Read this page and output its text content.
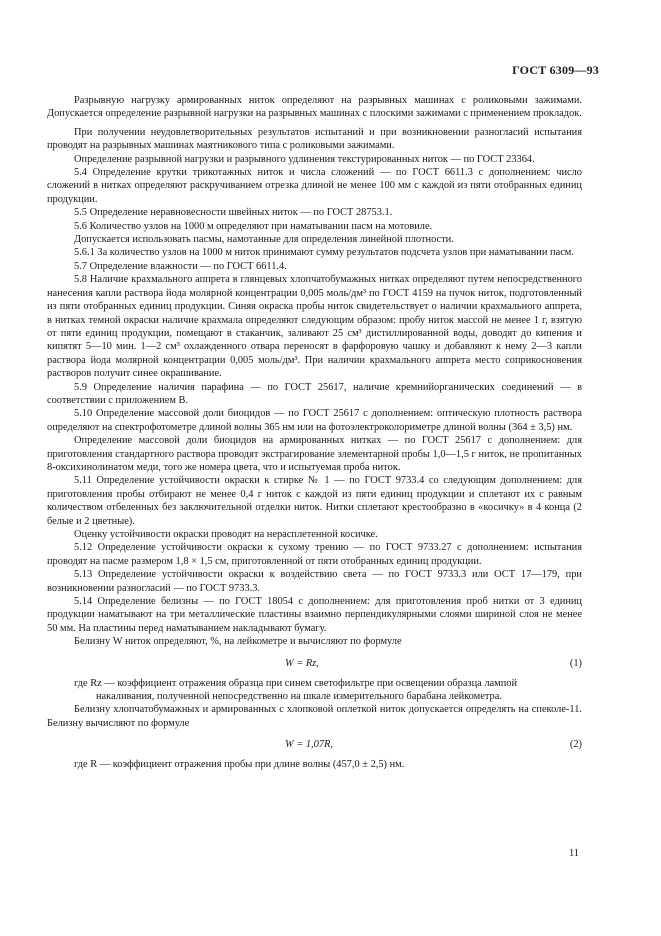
ГОСТ 6309—93

Разрывную нагрузку армированных ниток определяют на разрывных машинах с роликовыми зажимами. Допускается определение разрывной нагрузки на разрывных машинах с плоскими зажимами с применением прокладок.

При получении неудовлетворительных результатов испытаний и при возникновении разногласий испытания проводят на разрывных машинах маятникового типа с роликовыми зажимами.

Определение разрывной нагрузки и разрывного удлинения текстурированных ниток — по ГОСТ 23364.

5.4 Определение крутки трикотажных ниток и числа сложений — по ГОСТ 6611.3 с дополнением: число сложений в нитках определяют раскручиванием отрезка длиной не менее 100 мм с каждой из пяти отобранных единиц продукции.

5.5 Определение неравновесности швейных ниток — по ГОСТ 28753.1.

5.6 Количество узлов на 1000 м определяют при наматывании пасм на мотовиле.

Допускается использовать пасмы, намотанные для определения линейной плотности.

5.6.1 За количество узлов на 1000 м ниток принимают сумму результатов подсчета узлов при наматывании пасм.

5.7 Определение влажности — по ГОСТ 6611.4.

5.8 Наличие крахмального аппрета в глянцевых хлопчатобумажных нитках определяют путем непосредственного нанесения капли раствора йода молярной концентрации 0,005 моль/дм³ по ГОСТ 4159 на пучок ниток, подготовленный из пяти отобранных единиц продукции. Синяя окраска пробы ниток свидетельствует о наличии крахмального аппрета, в нитках темной окраски наличие крахмала определяют следующим образом: пробу ниток массой не менее 1 г, взятую от пяти единиц продукции, помещают в стаканчик, заливают 25 см³ дистиллированной воды, доводят до кипения и кипятят 5—10 мин. 1—2 см³ охлажденного отвара переносят в фарфоровую чашку и добавляют к нему 2—3 капли раствора йода молярной концентрации 0,005 моль/дм³. При наличии крахмального аппрета место соприкосновения растворов получит синее окрашивание.

5.9 Определение наличия парафина — по ГОСТ 25617, наличие кремнийорганических соединений — в соответствии с приложением В.

5.10 Определение массовой доли биоцидов — по ГОСТ 25617 с дополнением: оптическую плотность раствора определяют на спектрофотометре длиной волны 365 нм или на фотоэлектроколориметре длиной волны (364 ± 3,5) нм.

Определение массовой доли биоцидов на армированных нитках — по ГОСТ 25617 с дополнением: для приготовления стандартного раствора проводят экстрагирование элементарной пробы 1,0—1,5 г ниток, не пропитанных 8-оксихинолинатом меди, того же номера цвета, что и испытуемая проба ниток.

5.11 Определение устойчивости окраски к стирке № 1 — по ГОСТ 9733.4 со следующим дополнением: для приготовления пробы отбирают не менее 0,4 г ниток с каждой из пяти единиц продукции и сплетают их с равным количеством отбеленных без заключительной отделки ниток. Нитки сплетают крестообразно в «косичку» в 4 конца (2 белые и 2 цветные).

Оценку устойчивости окраски проводят на нерасплетенной косичке.

5.12 Определение устойчивости окраски к сухому трению — по ГОСТ 9733.27 с дополнением: испытания проводят на пасме размером 1,8 × 1,5 см, приготовленной от пяти отобранных единиц продукции.

5.13 Определение устойчивости окраски к воздействию света — по ГОСТ 9733.3 или ОСТ 17—179, при возникновении разногласий — по ГОСТ 9733.3.

5.14 Определение белизны — по ГОСТ 18054 с дополнением: для приготовления проб нитки от 3 единиц продукции наматывают на три металлические пластины взаимно перпендикулярными слоями шириной слоя не менее 50 мм. На пластины перед наматыванием накладывают бумагу.

Белизну W ниток определяют, %, на лейкометре и вычисляют по формуле

W = Rz,	(1)

где Rz — коэффициент отражения образца при синем светофильтре при освещении образца лампой

накаливания, полученной непосредственно на шкале измерительного барабана лейкометра.

Белизну хлопчатобумажных и армированных с хлопковой оплеткой ниток допускается определять на спеколе-11. Белизну вычисляют по формуле

W = 1,07R,	(2)

где R — коэффициент отражения пробы при длине волны (457,0 ± 2,5) нм.

11
